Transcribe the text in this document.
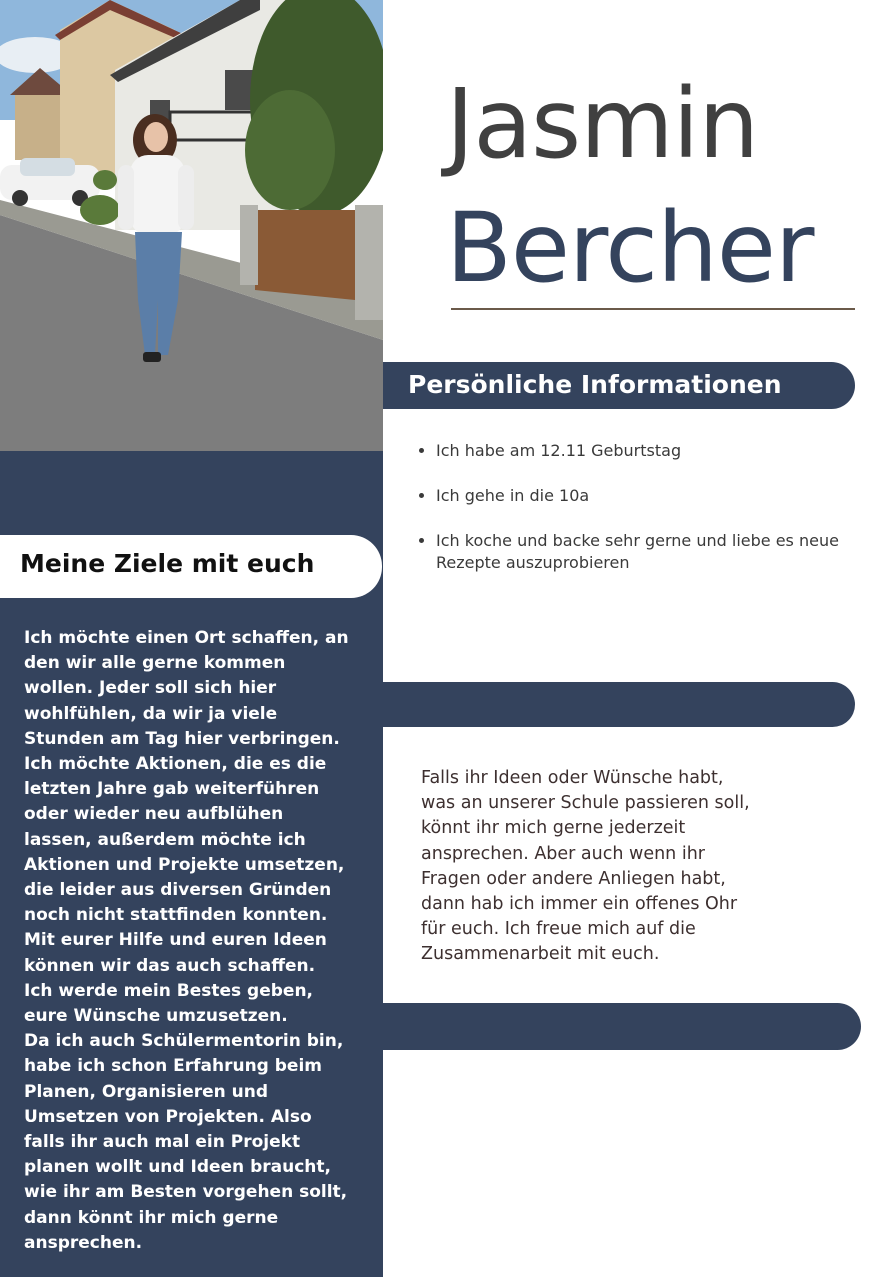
Jasmin
Bercher
Persönliche Informationen
• Ich habe am 12.11 Geburtstag
• Ich gehe in die 10a
• Ich koche und backe sehr gerne und liebe es neue Rezepte auszuprobieren
Meine Ziele mit euch

Ich möchte einen Ort schaffen, an
den wir alle gerne kommen
wollen. Jeder soll sich hier
wohlfühlen, da wir ja viele
Stunden am Tag hier verbringen.
Ich möchte Aktionen, die es die
letzten Jahre gab weiterführen
oder wieder neu aufblühen
lassen, außerdem möchte ich
Aktionen und Projekte umsetzen,
die leider aus diversen Gründen
noch nicht stattfinden konnten.
Mit eurer Hilfe und euren Ideen
können wir das auch schaffen.
Ich werde mein Bestes geben,
eure Wünsche umzusetzen.
Da ich auch Schülermentorin bin,
habe ich schon Erfahrung beim
Planen, Organisieren und
Umsetzen von Projekten. Also
falls ihr auch mal ein Projekt
planen wollt und Ideen braucht,
wie ihr am Besten vorgehen sollt,
dann könnt ihr mich gerne
ansprechen.

Falls ihr Ideen oder Wünsche habt,
was an unserer Schule passieren soll,
könnt ihr mich gerne jederzeit
ansprechen. Aber auch wenn ihr
Fragen oder andere Anliegen habt,
dann hab ich immer ein offenes Ohr
für euch. Ich freue mich auf die
Zusammenarbeit mit euch.
